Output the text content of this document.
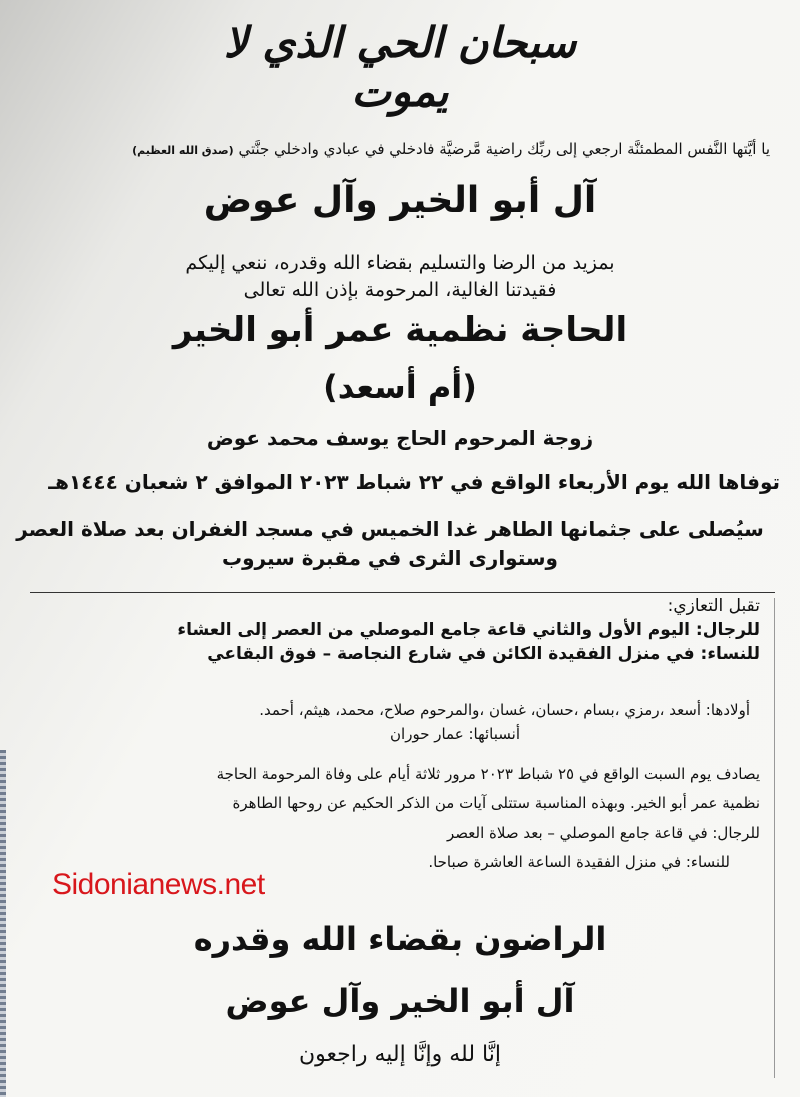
سبحان الحي الذي لا يموت
يا أيَّتها النَّفس المطمئنَّة ارجعي إلى ربِّك راضية مَّرضيَّة فادخلي في عبادي وادخلي جنَّتي (صدق الله العظيم)
آل أبو الخير وآل عوض
بمزيد من الرضا والتسليم بقضاء الله وقدره، ننعي إليكم
فقيدتنا الغالية، المرحومة بإذن الله تعالى
الحاجة نظمية عمر أبو الخير
(أم أسعد)
زوجة المرحوم الحاج يوسف محمد عوض
توفاها الله يوم الأربعاء الواقع في ٢٢ شباط ٢٠٢٣ الموافق ٢ شعبان ١٤٤٤هـ
سيُصلى على جثمانها الطاهر غدا الخميس في مسجد الغفران بعد صلاة العصر
وستوارى الثرى في مقبرة سيروب
تقبل التعازي:
للرجال: اليوم الأول والثاني قاعة جامع الموصلي من العصر إلى العشاء
للنساء: في منزل الفقيدة الكائن في شارع النجاصة – فوق البقاعي
أولادها: أسعد ،رمزي ،بسام ،حسان، غسان ،والمرحوم صلاح، محمد، هيثم، أحمد.
أنسبائها: عمار حوران
يصادف يوم السبت الواقع في ٢٥ شباط ٢٠٢٣ مرور ثلاثة أيام على وفاة المرحومة الحاجة
نظمية عمر أبو الخير. وبهذه المناسبة ستتلى آيات من الذكر الحكيم عن روحها الطاهرة
للرجال: في قاعة جامع الموصلي – بعد صلاة العصر
للنساء: في منزل الفقيدة الساعة العاشرة صباحا.
Sidonianews.net
الراضون بقضاء الله وقدره
آل أبو الخير وآل عوض
إنَّا لله وإنَّا إليه راجعون
